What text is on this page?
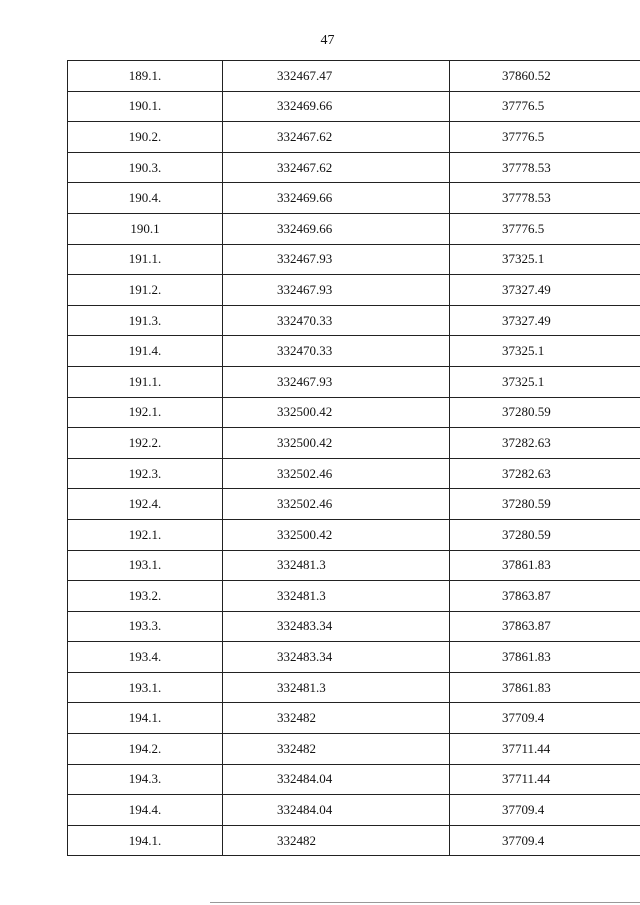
47
189.1.	332467.47	37860.52
190.1.	332469.66	37776.5
190.2.	332467.62	37776.5
190.3.	332467.62	37778.53
190.4.	332469.66	37778.53
190.1	332469.66	37776.5
191.1.	332467.93	37325.1
191.2.	332467.93	37327.49
191.3.	332470.33	37327.49
191.4.	332470.33	37325.1
191.1.	332467.93	37325.1
192.1.	332500.42	37280.59
192.2.	332500.42	37282.63
192.3.	332502.46	37282.63
192.4.	332502.46	37280.59
192.1.	332500.42	37280.59
193.1.	332481.3	37861.83
193.2.	332481.3	37863.87
193.3.	332483.34	37863.87
193.4.	332483.34	37861.83
193.1.	332481.3	37861.83
194.1.	332482	37709.4
194.2.	332482	37711.44
194.3.	332484.04	37711.44
194.4.	332484.04	37709.4
194.1.	332482	37709.4
